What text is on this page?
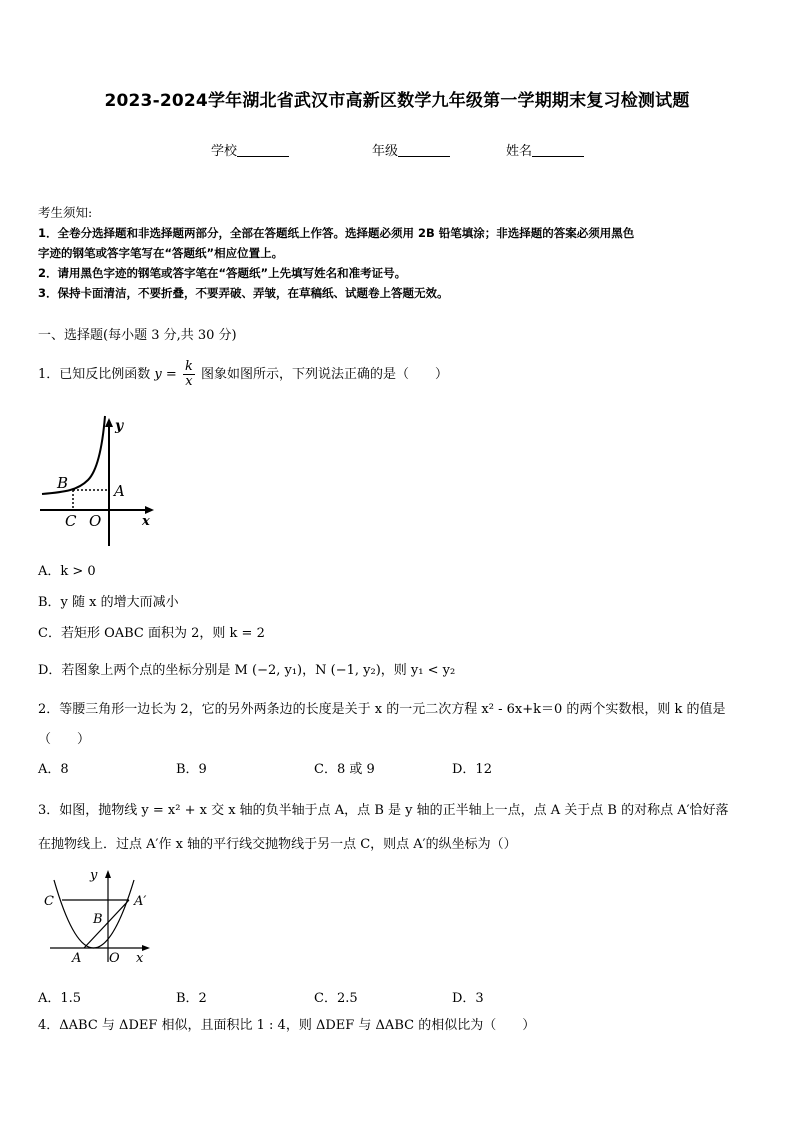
2023-2024学年湖北省武汉市高新区数学九年级第一学期期末复习检测试题
学校	年级	姓名
考生须知:
1．全卷分选择题和非选择题两部分，全部在答题纸上作答。选择题必须用 2B 铅笔填涂；非选择题的答案必须用黑色
字迹的钢笔或答字笔写在“答题纸”相应位置上。
2．请用黑色字迹的钢笔或答字笔在“答题纸”上先填写姓名和准考证号。
3．保持卡面清洁，不要折叠，不要弄破、弄皱，在草稿纸、试题卷上答题无效。
一、选择题(每小题 3 分,共 30 分)
1．已知反比例函数 $y = \frac{k}{x}$ 图象如图所示，下列说法正确的是（　　）
y
x
B	A
C O
A．k > 0
B．y 随 x 的增大而减小
C．若矩形 OABC 面积为 2，则 k = 2
D．若图象上两个点的坐标分别是 M (−2, y₁)，N (−1, y₂)，则 y₁ < y₂
2．等腰三角形一边长为 2，它的另外两条边的长度是关于 x 的一元二次方程 x² - 6x+k＝0 的两个实数根，则 k 的值是
（　　）
A．8	B．9	C．8 或 9	D．12
3．如图，抛物线 y = x² + x 交 x 轴的负半轴于点 A，点 B 是 y 轴的正半轴上一点，点 A 关于点 B 的对称点 A′恰好落
在抛物线上．过点 A′作 x 轴的平行线交抛物线于另一点 C，则点 A′的纵坐标为（）
y
x
C	A′
B
A O
A．1.5	B．2	C．2.5	D．3
4．ΔABC 与 ΔDEF 相似，且面积比 1 : 4，则 ΔDEF 与 ΔABC 的相似比为（　　）
